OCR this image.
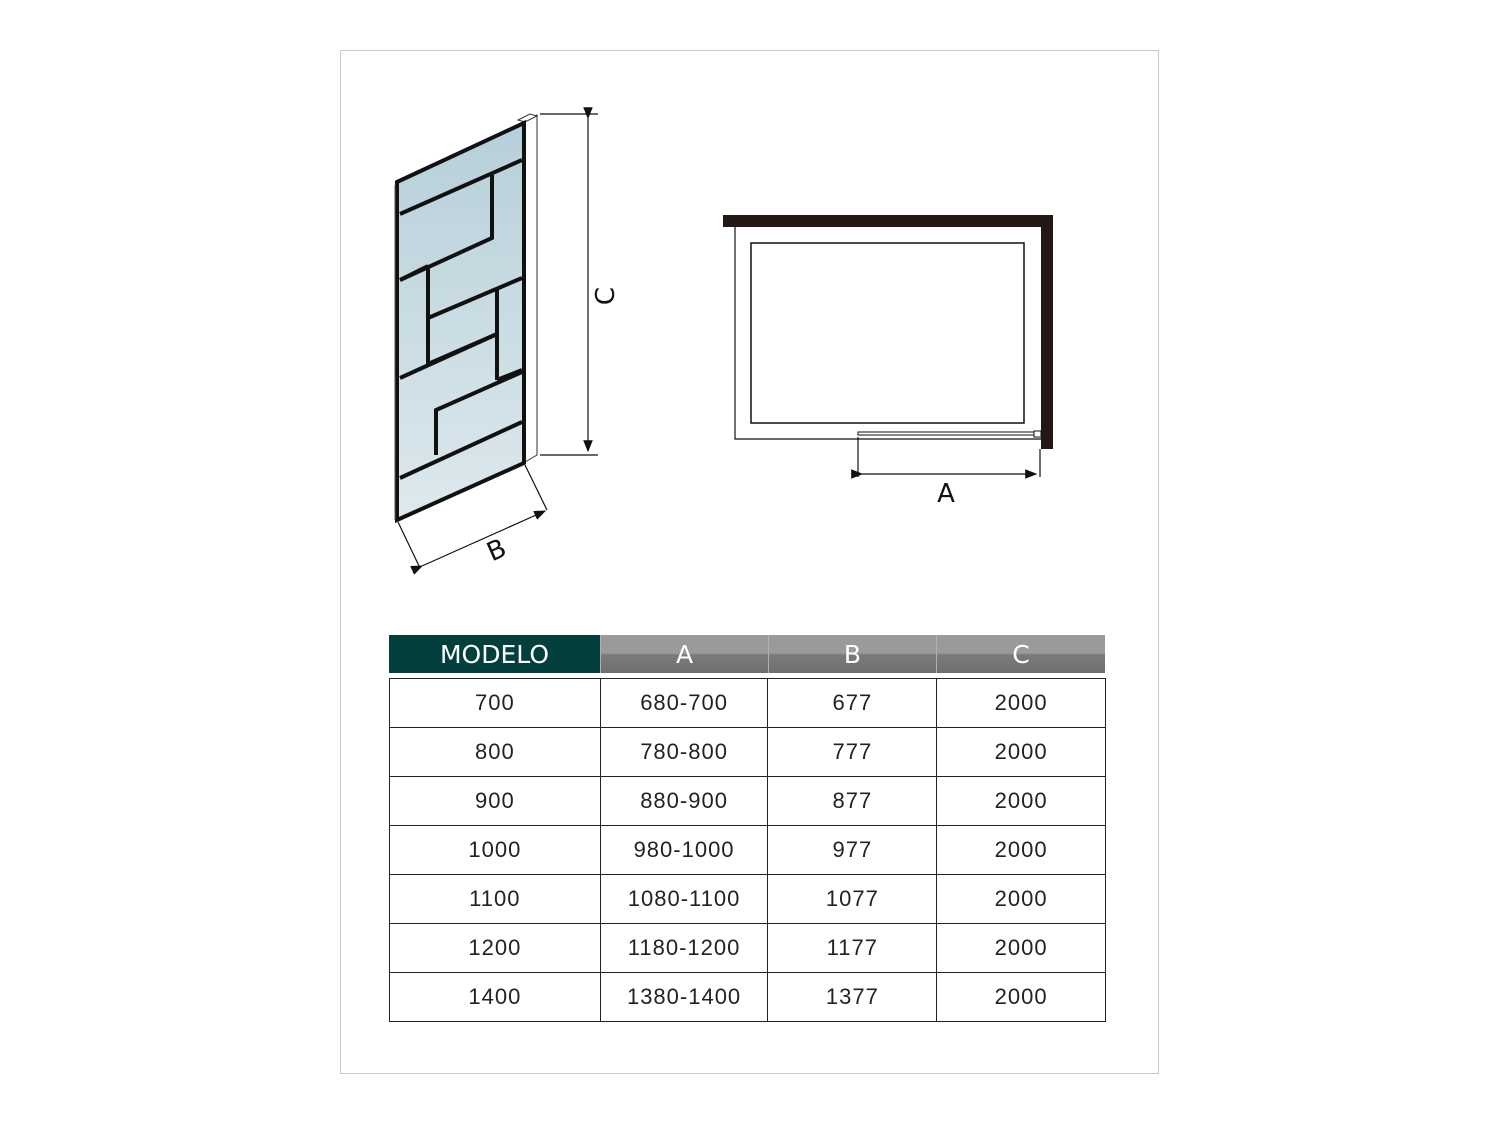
C
B
A
MODELO	A	B	C
700	680-700	677	2000
800	780-800	777	2000
900	880-900	877	2000
1000	980-1000	977	2000
1100	1080-1100	1077	2000
1200	1180-1200	1177	2000
1400	1380-1400	1377	2000
